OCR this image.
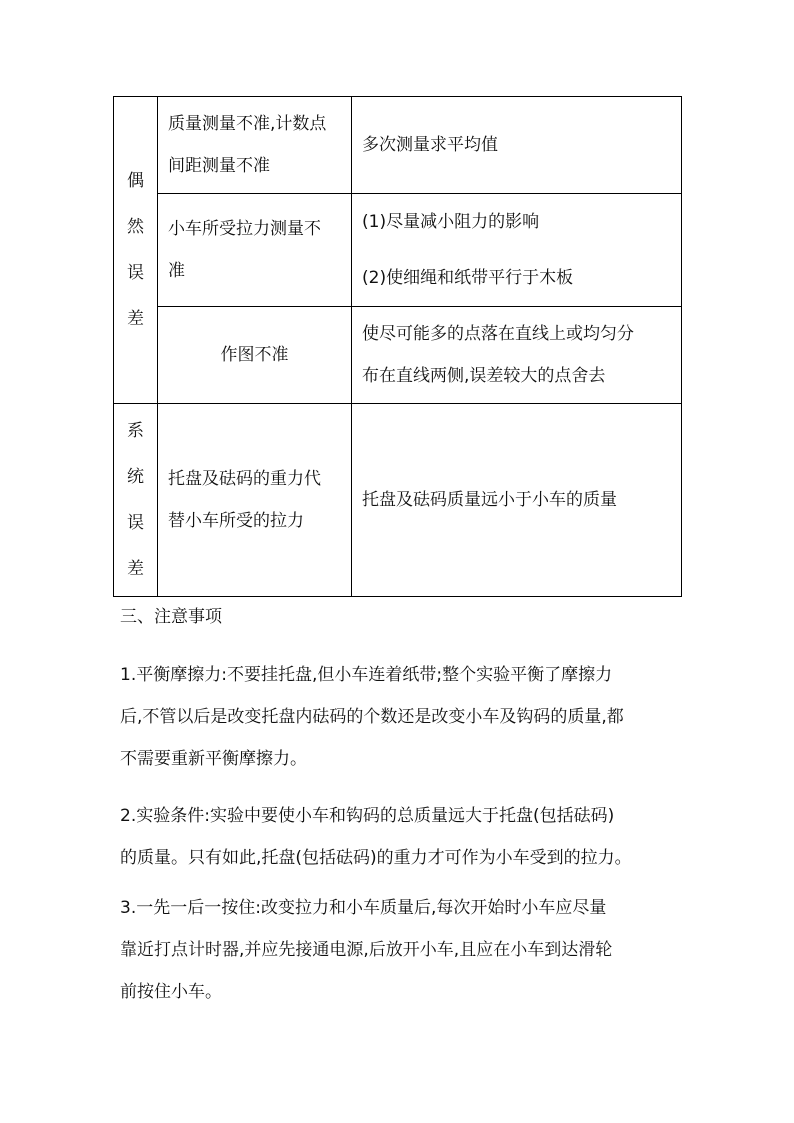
偶
然
误
差	质量测量不准,计数点
间距测量不准	多次测量求平均值

	小车所受拉力测量不
准	(1)尽量减小阻力的影响
(2)使细绳和纸带平行于木板

	作图不准	使尽可能多的点落在直线上或均匀分
布在直线两侧,误差较大的点舍去

系
统
误
差	托盘及砝码的重力代
替小车所受的拉力	托盘及砝码质量远小于小车的质量
三、注意事项

1.平衡摩擦力:不要挂托盘,但小车连着纸带;整个实验平衡了摩擦力
后,不管以后是改变托盘内砝码的个数还是改变小车及钩码的质量,都
不需要重新平衡摩擦力。

2.实验条件:实验中要使小车和钩码的总质量远大于托盘(包括砝码)
的质量。只有如此,托盘(包括砝码)的重力才可作为小车受到的拉力。

3.一先一后一按住:改变拉力和小车质量后,每次开始时小车应尽量
靠近打点计时器,并应先接通电源,后放开小车,且应在小车到达滑轮
前按住小车。
